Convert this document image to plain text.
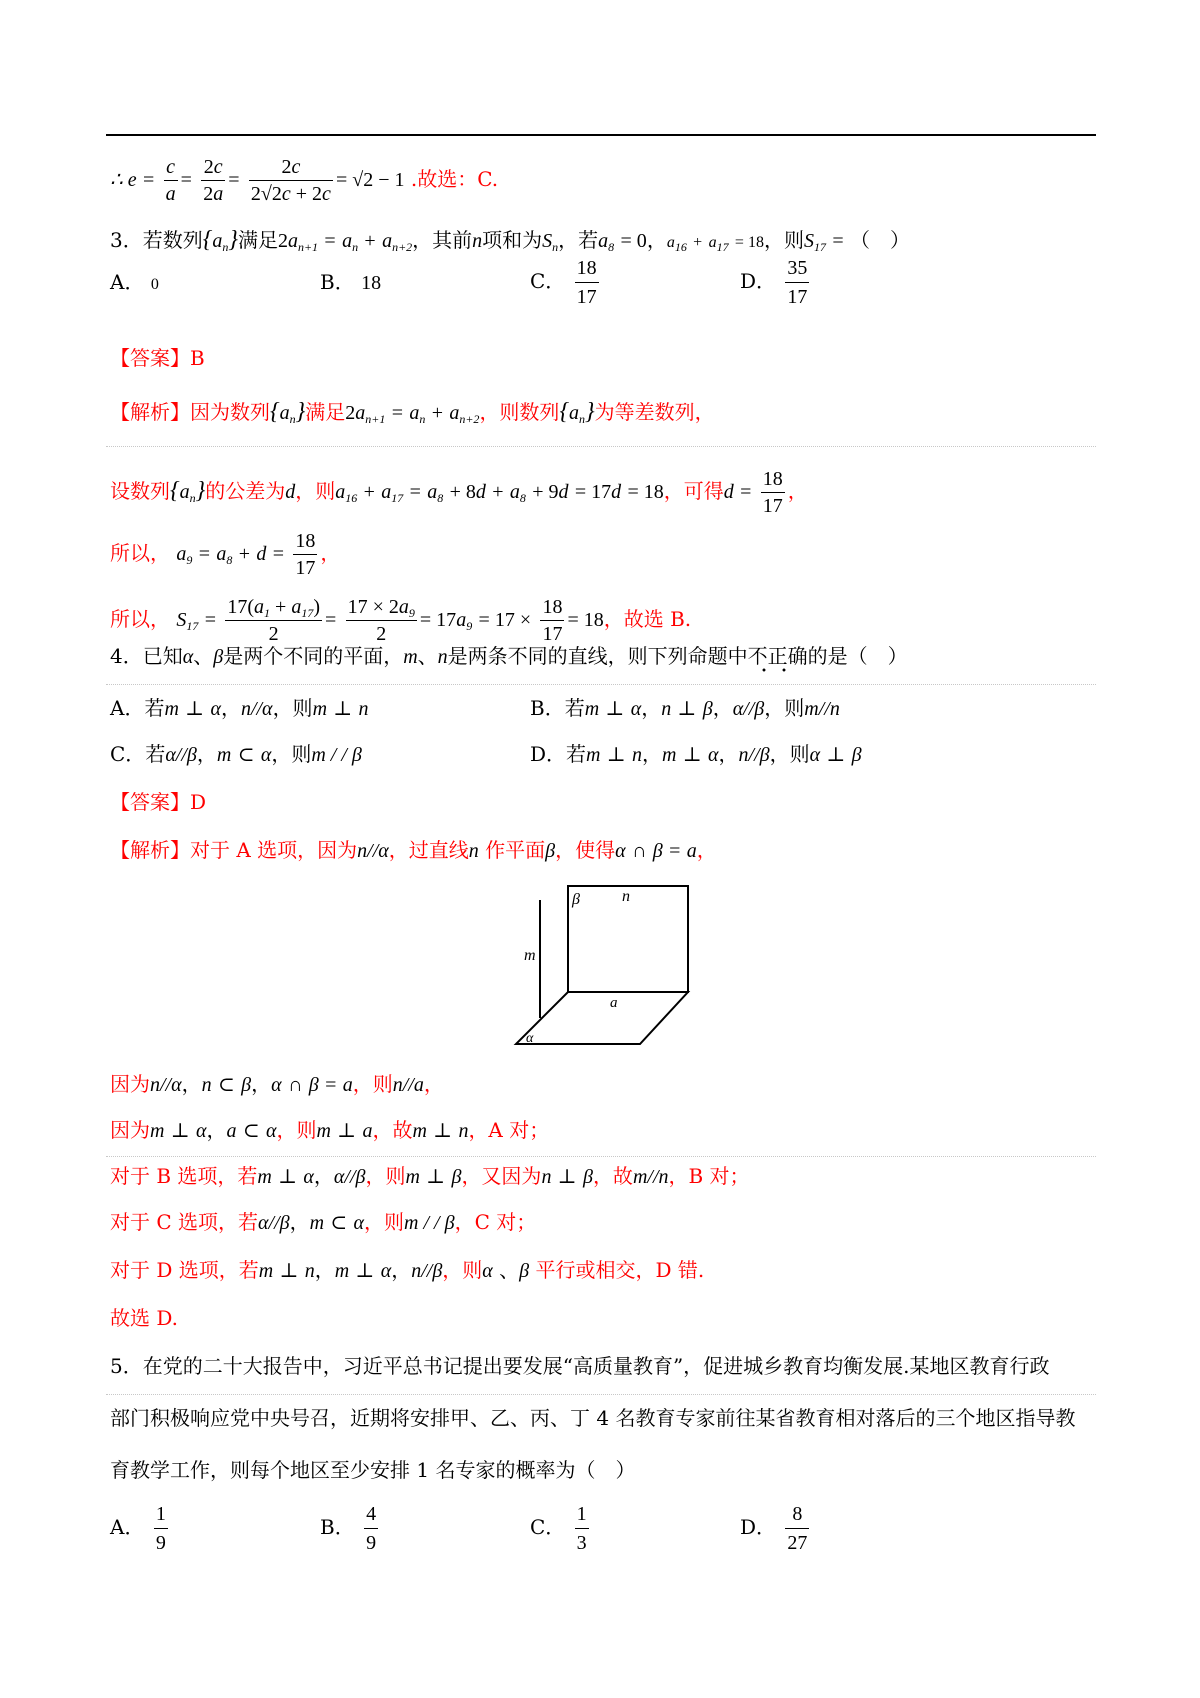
∴ $e = \frac{c}{a} = \frac{2c}{2a} = \frac{2c}{2√2c + 2c} = √2 - 1$ .故选：C.
3．若数列$\{a_n\}$满足$2a_{n+1} = a_n + a_{n+2}$，其前n项和为$S_n$，若$a_8 = 0$，$a_{16} + a_{17} = 18$，则$S_{17}$ = （　）
A． 0	B． 18	C． $\frac{18}{17}$	D． $\frac{35}{17}$
【答案】B
【解析】因为数列$\{a_n\}$满足$2a_{n+1} = a_n + a_{n+2}$，则数列$\{a_n\}$为等差数列，
设数列$\{a_n\}$的公差为d，则$a_{16} + a_{17} = a_8 + 8d + a_8 + 9d = 17d = 18$，可得$d = \frac{18}{17}$ ，
所以， $a_9 = a_8 + d = \frac{18}{17}$ ，
所以， $S_{17} = \frac{17(a_1 + a_{17})}{2} = \frac{17 \times 2a_9}{2} = 17a_9 = 17 \times \frac{18}{17} = 18$，故选 B.
4．已知α、β是两个不同的平面，m、n是两条不同的直线，则下列命题中不正确
的是（　）
A．若m ⊥ α，n//α，则m ⊥ n	B．若m ⊥ α，n ⊥ β，α//β，则m//n
C．若α//β，m ⊂ α，则m / / β	D．若m ⊥ n，m ⊥ α，n//β，则α ⊥ β
【答案】D
【解析】对于 A 选项，因为n//α，过直线n 作平面β，使得α ∩ β = a，
β	n
m
a
α
因为n//α，n ⊂ β，α ∩ β = a，则n//a，
因为m ⊥ α，a ⊂ α，则m ⊥ a，故m ⊥ n，A 对；
对于 B 选项，若m ⊥ α，α//β，则m ⊥ β，又因为n ⊥ β，故m//n，B 对；
对于 C 选项，若α//β，m ⊂ α，则m / / β，C 对；
对于 D 选项，若m ⊥ n，m ⊥ α，n//β，则α 、β 平行或相交，D 错.
故选 D.
5．在党的二十大报告中，习近平总书记提出要发展“高质量教育”，促进城乡教育均衡发展.某地区教育行政
部门积极响应党中央号召，近期将安排甲、乙、丙、丁 4 名教育专家前往某省教育相对落后的三个地区指导教
育教学工作，则每个地区至少安排 1 名专家的概率为（　）
A． $\frac{1}{9}$	B． $\frac{4}{9}$	C． $\frac{1}{3}$	D． $\frac{8}{27}$
